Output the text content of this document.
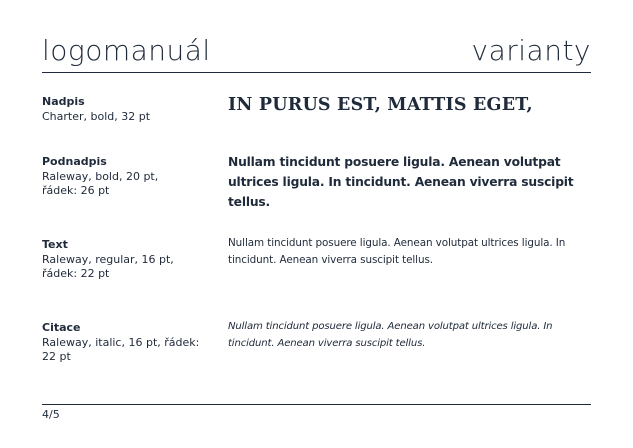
logomanuál	varianty
Nadpis
Charter, bold, 32 pt
IN PURUS EST, MATTIS EGET,
Podnadpis
Raleway, bold, 20 pt,
řádek: 26 pt
Nullam tincidunt posuere ligula. Aenean volutpat ultrices ligula. In tincidunt. Aenean viverra suscipit tellus.
Text
Raleway, regular, 16 pt,
řádek: 22 pt
Nullam tincidunt posuere ligula. Aenean volutpat ultrices ligula. In tincidunt. Aenean viverra suscipit tellus.
Citace
Raleway, italic, 16 pt, řádek:
22 pt
Nullam tincidunt posuere ligula. Aenean volutpat ultrices ligula. In tincidunt. Aenean viverra suscipit tellus.
4/5
